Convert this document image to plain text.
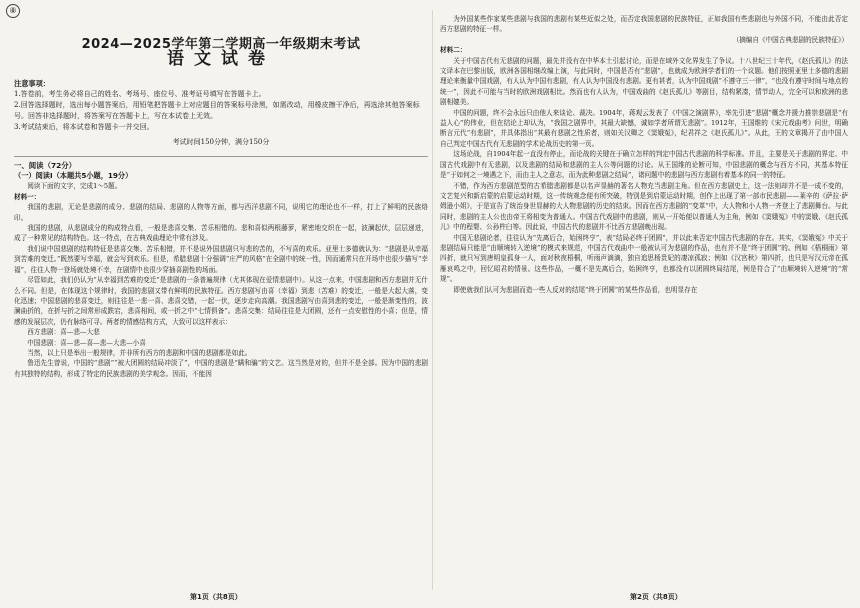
⑧
2024—2025学年第二学期高一年级期末考试
语文试卷
注意事项：
1.答卷前，考生务必将自己的姓名、考场号、座位号、准考证号填写在答题卡上。
2.回答选择题时，选出每小题答案后，用铅笔把答题卡上对应题目的答案标号涂黑，如需改动，用橡皮擦干净后，再选涂其他答案标号。回答非选择题时，将答案写在答题卡上，写在本试卷上无效。
3.考试结束后，将本试卷和答题卡一并交回。
考试时间150分钟，满分150分
一、阅读（72分）
（一）阅读Ⅰ（本题共5小题，19分）

阅读下面的文字，完成1～5题。

材料一：

我国的悲剧，无论是悲剧的成分、悲剧的结局、悲剧的人物等方面，都与西洋悲剧不同，说明它的理论也不一样，打上了鲜明的民族烙印。

我国的悲剧，从悲剧成分的构成特点看，一般是悲喜交集、苦乐相错的。悲和喜似两根藤萝，紧密地交织在一起，波澜起伏，层层递进，成了一种常见的结构特色。这一特点，在古典戏曲理论中常有涉及。

我们说中国悲剧的结构特征是悲喜交集、苦乐相错，并不是说外国悲剧只写悲的苦的，不写喜的欢乐。亚里士多德就认为：“悲剧是从幸福到苦难的变迁。”既然要写幸福，就会写到欢乐。但是，希腊悲剧十分强调“庄严的风格”在全剧中的统一性，因而通常只在开场中也很少描写“幸福”，往往人物一登场就处境不幸，在剧情中也很少穿插喜剧性的场面。

尽管如此，我们仍认为“从幸福到苦难的变迁”是悲剧的一条普遍规律（尤其体现在爱情悲剧中）。从这一点来，中国悲剧和西方悲剧并无什么不同。但是，在体现这个规律时，我国的悲剧又带有鲜明的民族特征。西方悲剧写由喜（幸福）到悲（苦难）的变迁，一般是大起大落，变化迅速；中国悲剧的悲喜变迁，则往往是一悲一喜、悲喜交错，一起一伏，逐步走向高潮。我国悲剧写由喜到悲的变迁，一般是渐变性的，波澜曲折的，在折与折之间常形成跌宕，悲喜相间，或一折之中“七情俱备”。悲喜交集：结局往往是大团圆，还有一点安慰性的小喜；但是，情感的发展层次，仍有脉络可寻。两者的情感结构方式，大致可以这样表示：

西方悲剧：喜—悲—大悲

中国悲剧：喜—悲—喜—悲—大悲—小喜

当然，以上只是举出一般规律，并非所有西方的悲剧和中国的悲剧都是如此。

鲁迅先生曾说，中国的“悲剧”“被大团圆的结局冲淡了”，中国的悲剧是“瞒和骗”的文艺。这当然是对的，但并不是全部。因为中国的悲剧有其独特的结构，形成了特定的民族悲剧的美学观念。因而，不能因

为外国某些作家某些悲剧与我国的悲剧有某些近似之处，而否定我国悲剧的民族特征，正如我国有些悲剧也与外国不同，不能由此否定西方悲剧的特征一样。

（摘编自《中国古典悲剧的民族特征》）

材料二：

关于中国古代有无悲剧的问题，最先并没有在中华本土引起讨论，而是在域外文化界发生了争议。十八世纪三十年代，《赵氏孤儿》的法文译本在巴黎出版，欧洲各国相继改编上演，与此同时，中国是否有“悲剧”，也就成为欧洲学者们的一个议题。他们按照亚里士多德的悲剧理论来衡量中国戏剧，有人认为中国有悲剧，有人认为中国没有悲剧。更有甚者，认为中国戏剧“不遵守三一律”，“也没有遵守时间与地点的统一”，因此不可能与当时的欧洲戏剧相比。然而也有人认为，中国戏曲的《赵氏孤儿》等剧目，结构紧凑，情节动人，完全可以和欧洲的悲剧相媲美。

中国的问题，终不会永远只由他人来谈论、裁决。1904年，蒋观云发表了《中国之演剧界》，率先引进“悲剧”概念并援力推崇悲剧是“有益人心”的伟业，但在结论上却认为，“我国之剧界中，其最大缺憾，诚如学者所谓无悲剧”。1912年，王国维的《宋元戏曲考》问世，明确断言元代“有悲剧”，并具体指出“其最有悲剧之性质者，则如关汉卿之《窦娥冤》，纪君祥之《赵氏孤儿》”。从此，王的文章揭开了由中国人自己判定中国古代有无悲剧的学术论战历史的第一页。

这场论战，自1904年起一直没有停止，而论战的关键在于确立怎样的判定中国古代悲剧的科学标准。并且，主要是关于悲剧的界定、中国古代戏剧中有无悲剧，以及悲剧的结局和悲剧的主人公等问题的讨论。从王国维的论断可知，中国悲剧的概念与西方不同，其基本特征是“于如何之一境遇之下，而由主人之意志，而为此种悲剧之结局”，诸问题中的悲剧与西方悲剧有着基本的同一的特征。

不错，作为西方悲剧范型的古希腊悲剧都是以名声显赫的著名人物充当悲剧主角。但在西方悲剧史上，这一法则却并不是一成不变的，文艺复兴和新启蒙的启蒙运动时期，这一传统观念便有所突破，特别是到启蒙运动时期，创作上出现了第一部市民悲剧——莱辛的《萨拉·萨姆逊小姐》，于是宣告了统治身世显赫的大人物悲剧的历史的结束。因而在西方悲剧的“变革”中，大人物和小人物一齐登上了悲剧舞台。与此同时，悲剧的主人公也由帝王将相变为普通人。中国古代戏剧中的悲剧，则从一开始便以普通人为主角，例如《窦娥冤》中的窦娥、《赵氏孤儿》中的程婴、公孙杵臼等。因此说，中国古代的悲剧并不比西方悲剧晚出现。

中国无悲剧论者，往往认为“先离后合，始困终亨”，表“结局必终于团圆”，并以此来否定中国古代悲剧的存在。其实，《窦娥冤》中关于悲剧结局只能是“由顺境转入逆境”的模式来规范，中国古代戏曲中一般被认可为悲剧的作品，也有并不是“终于团圆”的。例如《梧桐雨》第四折，就只写到唐明皇孤身一人，面对秋夜梧桐，听雨声滴滴，独自追思杨贵妃的凄凉孤寂；例如《汉宫秋》第四折，也只是写汉元帝在孤雁哀鸣之中，回忆昭君的情景。这些作品，一概不是先离后合，始困终亨，也都没有以团圆终局结尾，例是符合了“由顺境转入逆境”的“常规”。

即使就我们认可为悲剧而造一些人反对的结尾“终于团圆”的某些作品看，也明显存在

第1页（共8页）	第2页（共8页）
